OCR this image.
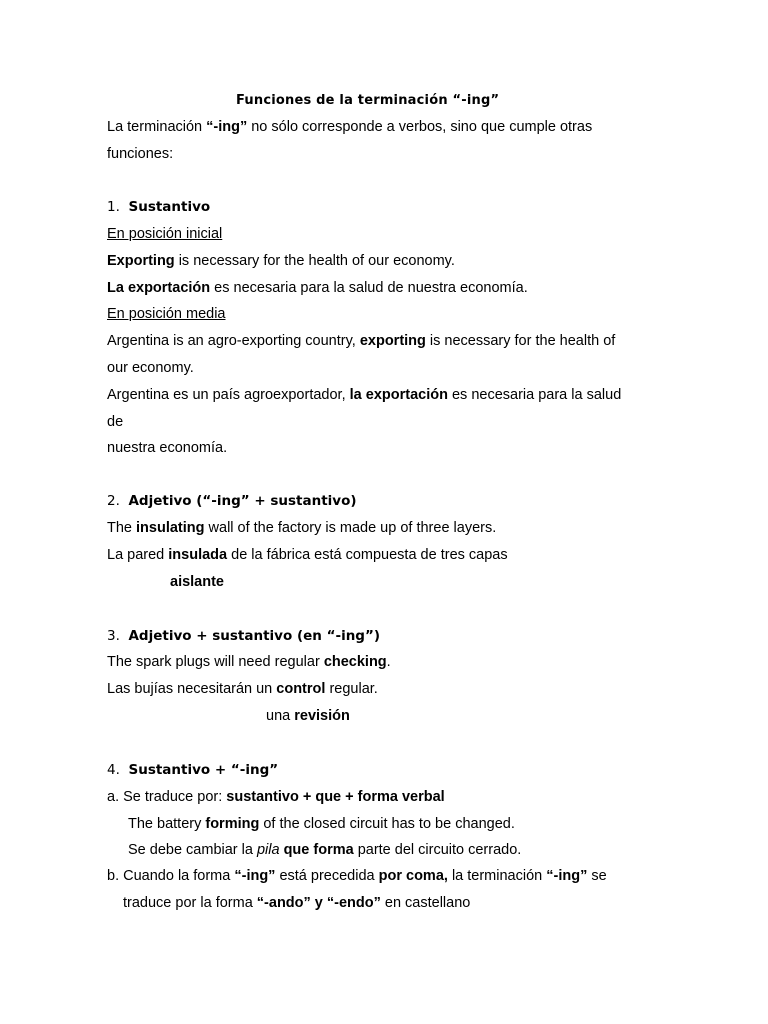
Funciones de la terminación “-ing”
La terminación “-ing” no sólo corresponde a verbos, sino que cumple otras
funciones:
1. Sustantivo
En posición inicial
Exporting is necessary for the health of our economy.
La exportación es necesaria para la salud de nuestra economía.
En posición media
Argentina is an agro-exporting country, exporting is necessary for the health of
our economy.
Argentina es un país agroexportador, la exportación es necesaria para la salud
de
nuestra economía.
2. Adjetivo (“-ing” + sustantivo)
The insulating wall of the factory is made up of three layers.
La pared insulada de la fábrica está compuesta de tres capas
aislante
3. Adjetivo + sustantivo (en “-ing”)
The spark plugs will need regular checking.
Las bujías necesitarán un control regular.
una revisión
4. Sustantivo + “-ing”
a. Se traduce por: sustantivo + que + forma verbal
The battery forming of the closed circuit has to be changed.
Se debe cambiar la pila que forma parte del circuito cerrado.
b. Cuando la forma “-ing” está precedida por coma, la terminación “-ing” se
traduce por la forma “-ando” y “-endo” en castellano
